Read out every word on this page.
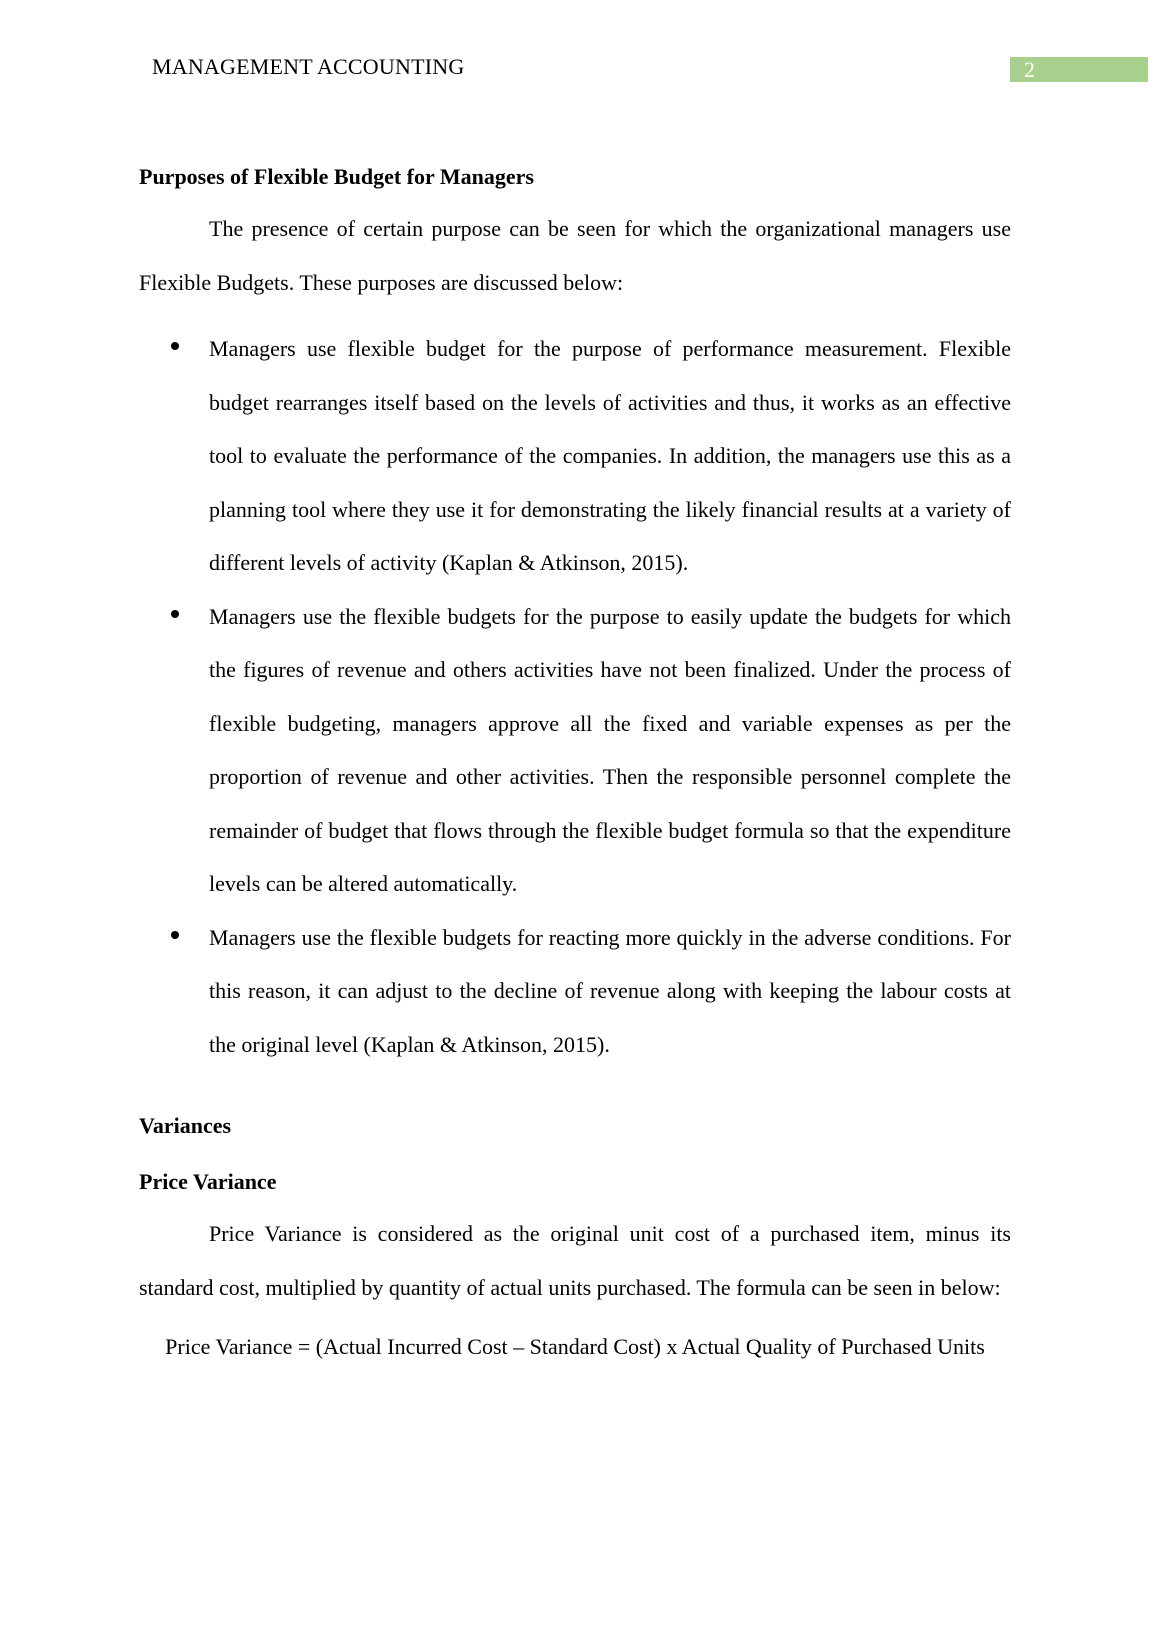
MANAGEMENT ACCOUNTING	2
Purposes of Flexible Budget for Managers

The presence of certain purpose can be seen for which the organizational managers use Flexible Budgets. These purposes are discussed below:

Managers use flexible budget for the purpose of performance measurement. Flexible budget rearranges itself based on the levels of activities and thus, it works as an effective tool to evaluate the performance of the companies. In addition, the managers use this as a planning tool where they use it for demonstrating the likely financial results at a variety of different levels of activity (Kaplan & Atkinson, 2015).
Managers use the flexible budgets for the purpose to easily update the budgets for which the figures of revenue and others activities have not been finalized. Under the process of flexible budgeting, managers approve all the fixed and variable expenses as per the proportion of revenue and other activities. Then the responsible personnel complete the remainder of budget that flows through the flexible budget formula so that the expenditure levels can be altered automatically.
Managers use the flexible budgets for reacting more quickly in the adverse conditions. For this reason, it can adjust to the decline of revenue along with keeping the labour costs at the original level (Kaplan & Atkinson, 2015).
Variances
Price Variance

Price Variance is considered as the original unit cost of a purchased item, minus its standard cost, multiplied by quantity of actual units purchased. The formula can be seen in below:

Price Variance = (Actual Incurred Cost – Standard Cost) x Actual Quality of Purchased Units
